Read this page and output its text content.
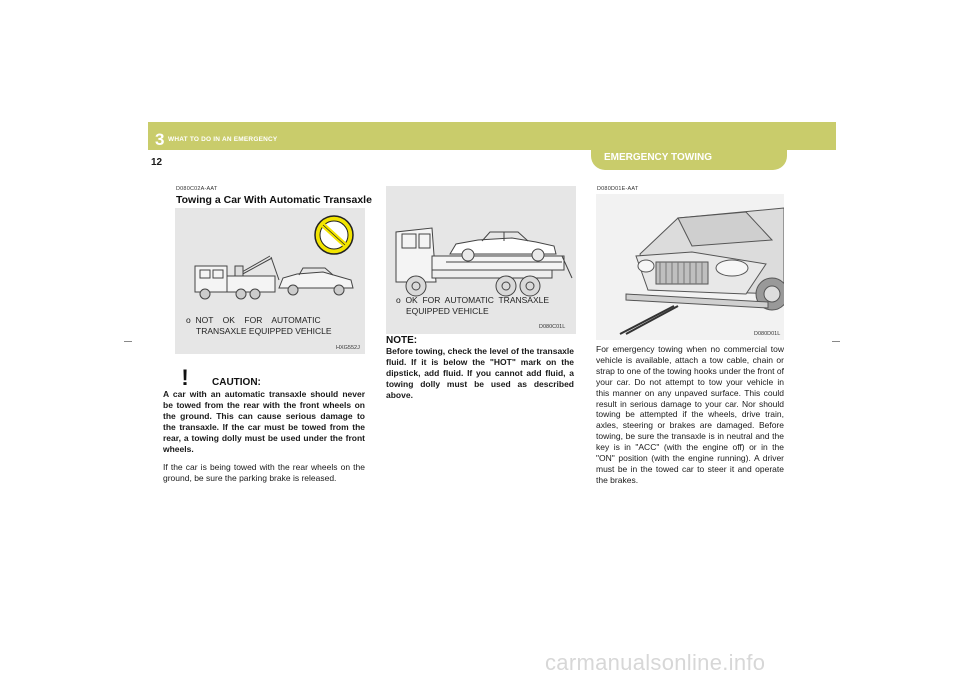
3 WHAT TO DO IN AN EMERGENCY
12	EMERGENCY TOWING
D080C02A-AAT
Towing a Car With Automatic Transaxle
o  NOT    OK    FOR    AUTOMATIC
TRANSAXLE EQUIPPED VEHICLE
HXG552J
! CAUTION:
A car with an automatic transaxle should never be towed from the rear with the front wheels on the ground. This can cause serious damage to the transaxle. If the car must be towed from the rear, a towing dolly must be used under the front wheels.
If the car is being towed with the rear wheels on the ground, be sure the parking brake is released.
o  OK  FOR  AUTOMATIC  TRANSAXLE
EQUIPPED VEHICLE
D080C01L
NOTE:
Before towing, check the level of the transaxle fluid. If it is below the "HOT" mark on the dipstick, add fluid. If you cannot add fluid, a towing dolly must be used as described above.
D080D01E-AAT
D080D01L
For emergency towing when no commercial tow vehicle is available, attach a tow cable, chain or strap to one of the towing hooks under the front of your car. Do not attempt to tow your vehicle in this manner on any unpaved surface. This could result in serious damage to your car. Nor should towing be attempted if the wheels, drive train, axles, steering or brakes are damaged. Before towing, be sure the transaxle is in neutral and the key is in "ACC" (with the engine off) or in the "ON" position (with the engine running). A driver must be in the towed car to steer it and operate the brakes.
carmanualsonline.info
